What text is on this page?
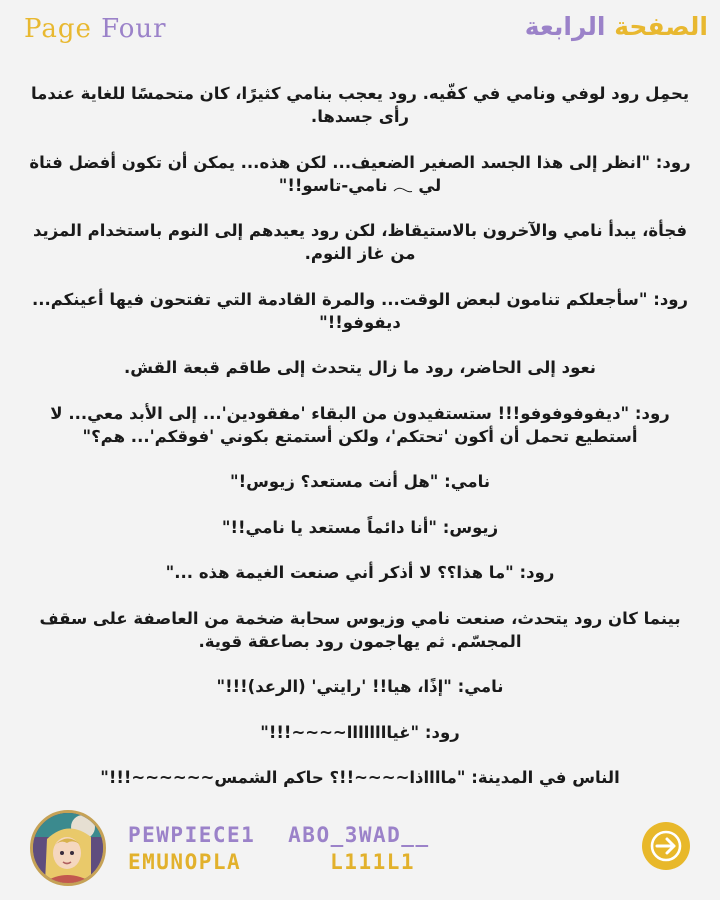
Page Four	الصفحة الرابعة

يحمِل رود لوفي ونامي في كفّيه. رود يعجب بنامي كثيرًا، كان متحمسًا للغاية عندما رأى جسدها.

رود: "انظر إلى هذا الجسد الصغير الضعيف... لكن هذه... يمكن أن تكون أفضل فتاة لي 𓂃 نامي-تاسو!!"

فجأة، يبدأ نامي والآخرون بالاستيقاظ، لكن رود يعيدهم إلى النوم باستخدام المزيد من غاز النوم.

رود: "سأجعلكم تنامون لبعض الوقت... والمرة القادمة التي تفتحون فيها أعينكم... ديفوفو!!"

نعود إلى الحاضر، رود ما زال يتحدث إلى طاقم قبعة القش.

رود: "ديفوفوفوفو!!! ستستفيدون من البقاء 'مفقودين'... إلى الأبد معي... لا أستطيع تحمل أن أكون 'تحتكم'، ولكن أستمتع بكوني 'فوقكم'... هم؟"

نامي: "هل أنت مستعد؟ زيوس!"

زيوس: "أنا دائماً مستعد يا نامي!!"

رود: "ما هذا؟؟ لا أذكر أني صنعت الغيمة هذه ..."

بينما كان رود يتحدث، صنعت نامي وزيوس سحابة ضخمة من العاصفة على سقف المجسّم. ثم يهاجمون رود بصاعقة قوية.

نامي: "إذًا، هيا!! 'رايتي' (الرعد)!!!"

رود: "غياااااااا~~~~!!!"

الناس في المدينة: "مااااذا~~~~!!؟ حاكم الشمس~~~~~~!!!"

PEWPIECE1 ABO_3WAD__
EMUNOPLA	L111L1
